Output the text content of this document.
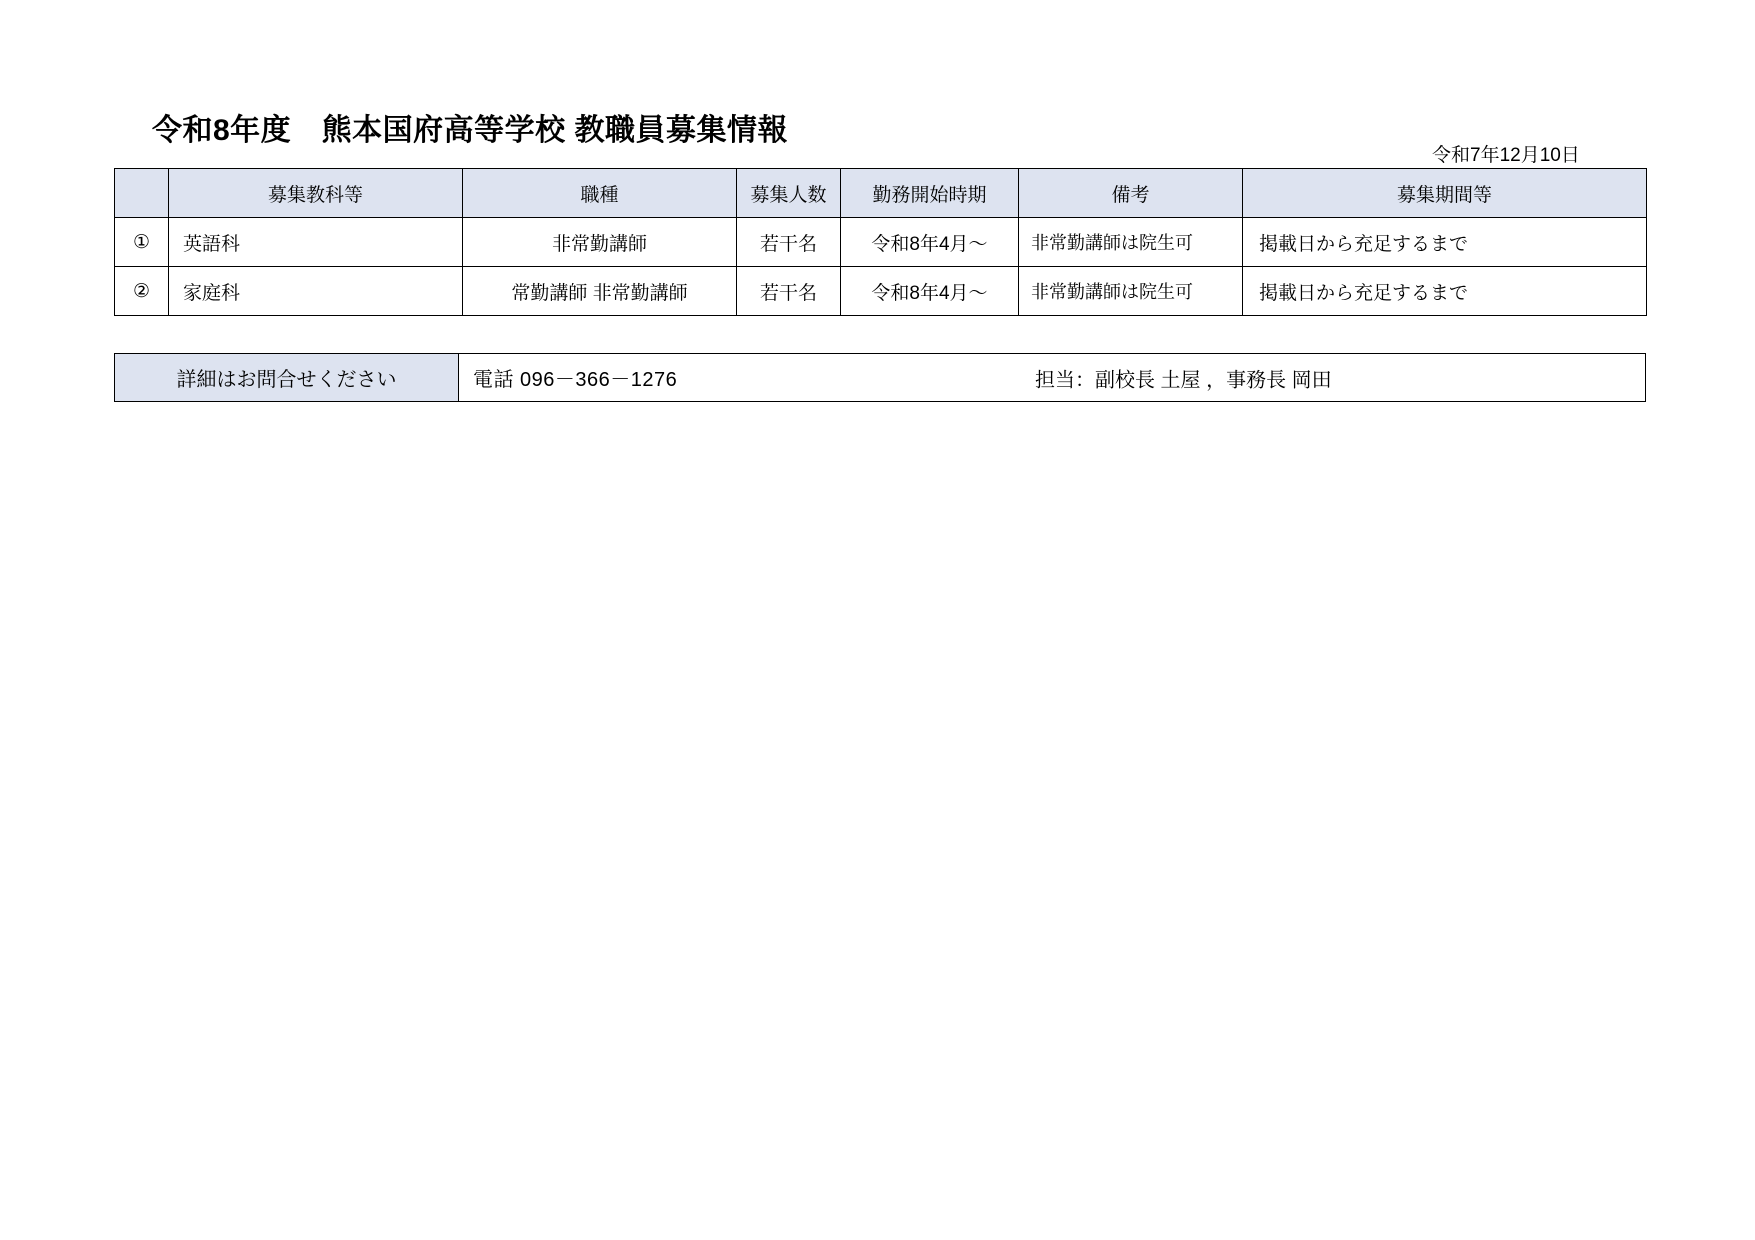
令和8年度　熊本国府高等学校 教職員募集情報
令和7年12月10日
	募集教科等	職種	募集人数	勤務開始時期	備考	募集期間等
①	英語科	非常勤講師	若干名	令和8年4月～	非常勤講師は院生可	掲載日から充足するまで
②	家庭科	常勤講師 非常勤講師	若干名	令和8年4月～	非常勤講師は院生可	掲載日から充足するまで
詳細はお問合せください	電話 096－366－1276	担当：副校長 土屋 ，事務長 岡田
